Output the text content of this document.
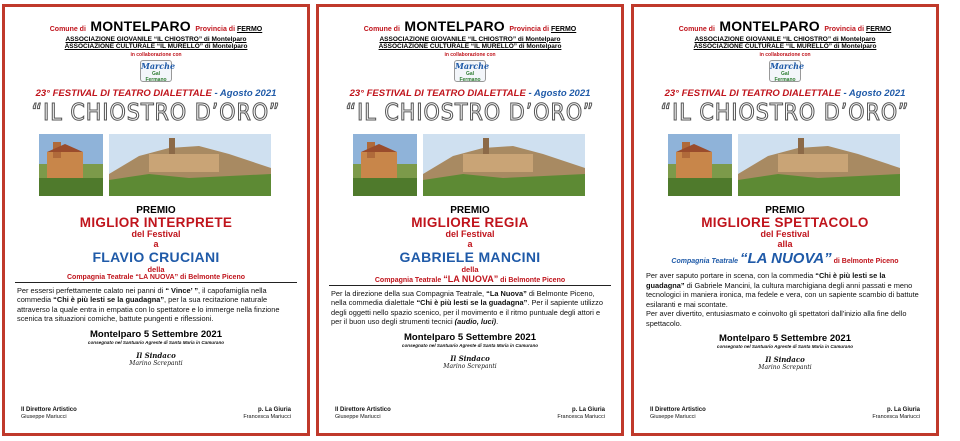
Comune di MONTELPARO Provincia di FERMO
ASSOCIAZIONE GIOVANILE “IL CHIOSTRO” di Montelparo
ASSOCIAZIONE CULTURALE “IL MURELLO” di Montelparo
in collaborazione con
Marche
Gal Fermano
23° FESTIVAL DI TEATRO DIALETTALE - Agosto 2021
“IL CHIOSTRO D’ORO”
PREMIO
MIGLIOR INTERPRETE
del Festival
a
FLAVIO CRUCIANI
della
Compagnia Teatrale “LA NUOVA” di Belmonte Piceno
Per essersi perfettamente calato nei panni di “ Vince’ ”, il capofamiglia nella commedia “Chi è più lesti se la guadagna”, per la sua recitazione naturale attraverso la quale entra in empatia con lo spettatore e lo immerge nella finzione scenica tra situazioni comiche, battute pungenti e riflessioni.
Montelparo 5 Settembre 2021
consegnato nel Santuario Agreste di Santa Maria in Camurano
Il Sindaco
Marino Screpanti
Il Direttore Artistico
Giuseppe Mariucci
p. La Giuria
Francesca Mariucci
Comune di MONTELPARO Provincia di FERMO
ASSOCIAZIONE GIOVANILE “IL CHIOSTRO” di Montelparo
ASSOCIAZIONE CULTURALE “IL MURELLO” di Montelparo
in collaborazione con
Marche
Gal Fermano
23° FESTIVAL DI TEATRO DIALETTALE - Agosto 2021
“IL CHIOSTRO D’ORO”
PREMIO
MIGLIORE REGIA
del Festival
a
GABRIELE MANCINI
della
Compagnia Teatrale “LA NUOVA” di Belmonte Piceno
Per la direzione della sua Compagnia Teatrale, “La Nuova” di Belmonte Piceno, nella commedia dialettale “Chi è più lesti se la guadagna”. Per il sapiente utilizzo degli oggetti nello spazio scenico, per il movimento e il ritmo puntuale degli attori e per il buon uso degli strumenti tecnici (audio, luci).
Montelparo 5 Settembre 2021
consegnato nel Santuario Agreste di Santa Maria in Camurano
Il Sindaco
Marino Screpanti
Il Direttore Artistico
Giuseppe Mariucci
p. La Giuria
Francesca Mariucci
Comune di MONTELPARO Provincia di FERMO
ASSOCIAZIONE GIOVANILE “IL CHIOSTRO” di Montelparo
ASSOCIAZIONE CULTURALE “IL MURELLO” di Montelparo
in collaborazione con
Marche
Gal Fermano
23° FESTIVAL DI TEATRO DIALETTALE - Agosto 2021
“IL CHIOSTRO D’ORO”
PREMIO
MIGLIORE SPETTACOLO
del Festival
alla
Compagnia Teatrale “LA NUOVA” di Belmonte Piceno
Per aver saputo portare in scena, con la commedia “Chi è più lesti se la guadagna” di Gabriele Mancini, la cultura marchigiana degli anni passati e meno tecnologici in maniera ironica, ma fedele e vera, con un sapiente scambio di battute esilaranti e mai scontate.
Per aver divertito, entusiasmato e coinvolto gli spettatori dall’inizio alla fine dello spettacolo.
Montelparo 5 Settembre 2021
consegnato nel Santuario Agreste di Santa Maria in Camurano
Il Sindaco
Marino Screpanti
Il Direttore Artistico
Giuseppe Mariucci
p. La Giuria
Francesca Mariucci
